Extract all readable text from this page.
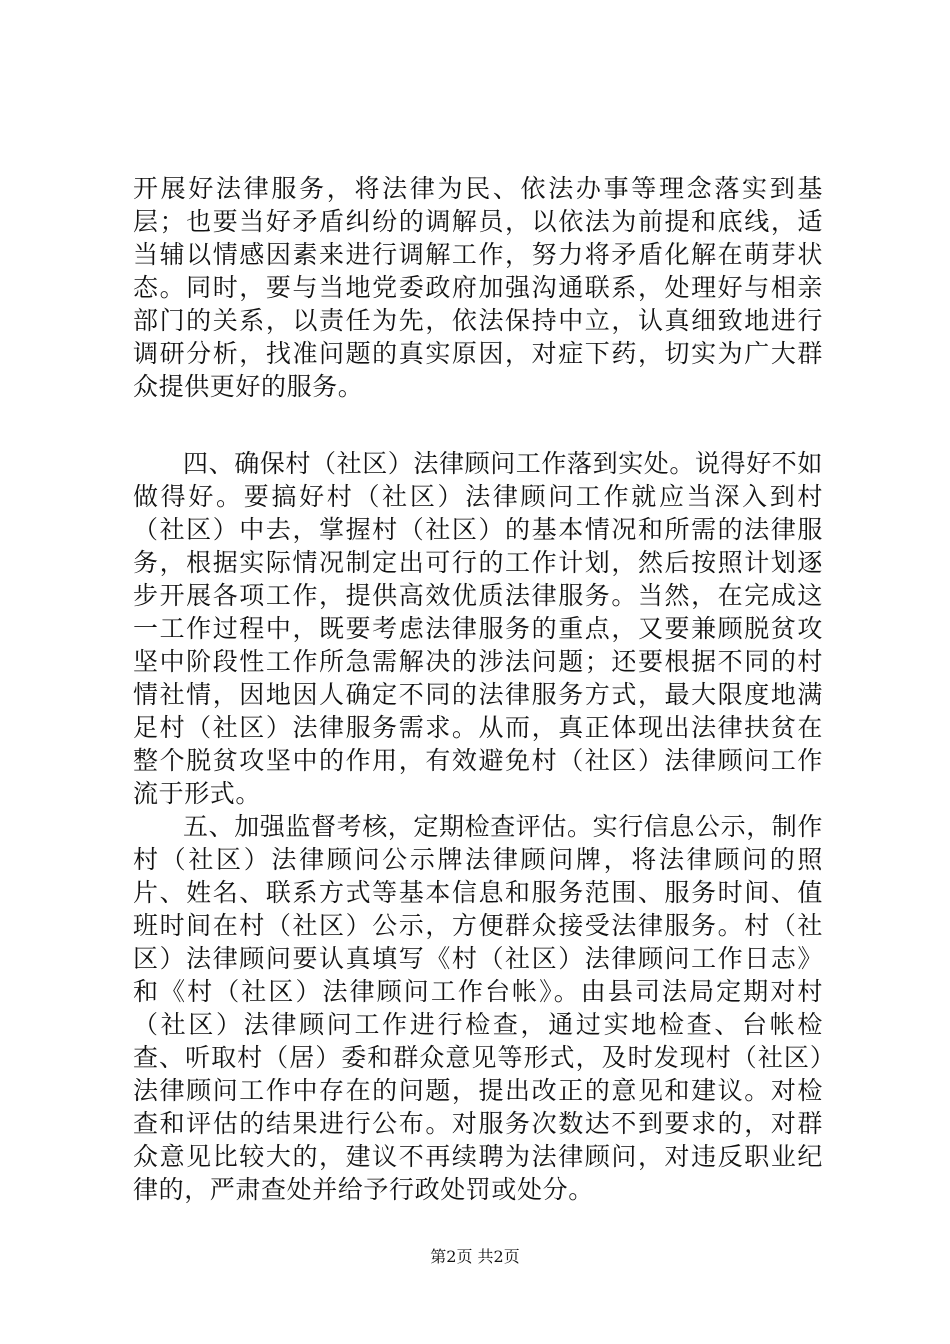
开展好法律服务，将法律为民、依法办事等理念落实到基层；也要当好矛盾纠纷的调解员，以依法为前提和底线，适当辅以情感因素来进行调解工作，努力将矛盾化解在萌芽状态。同时，要与当地党委政府加强沟通联系，处理好与相亲部门的关系，以责任为先，依法保持中立，认真细致地进行调研分析，找准问题的真实原因，对症下药，切实为广大群众提供更好的服务。

四、确保村（社区）法律顾问工作落到实处。说得好不如做得好。要搞好村（社区）法律顾问工作就应当深入到村（社区）中去，掌握村（社区）的基本情况和所需的法律服务，根据实际情况制定出可行的工作计划，然后按照计划逐步开展各项工作，提供高效优质法律服务。当然，在完成这一工作过程中，既要考虑法律服务的重点，又要兼顾脱贫攻坚中阶段性工作所急需解决的涉法问题；还要根据不同的村情社情，因地因人确定不同的法律服务方式，最大限度地满足村（社区）法律服务需求。从而，真正体现出法律扶贫在整个脱贫攻坚中的作用，有效避免村（社区）法律顾问工作流于形式。

五、加强监督考核，定期检查评估。实行信息公示，制作村（社区）法律顾问公示牌法律顾问牌，将法律顾问的照片、姓名、联系方式等基本信息和服务范围、服务时间、值班时间在村（社区）公示，方便群众接受法律服务。村（社区）法律顾问要认真填写《村（社区）法律顾问工作日志》和《村（社区）法律顾问工作台帐》。由县司法局定期对村（社区）法律顾问工作进行检查，通过实地检查、台帐检查、听取村（居）委和群众意见等形式，及时发现村（社区）法律顾问工作中存在的问题，提出改正的意见和建议。对检查和评估的结果进行公布。对服务次数达不到要求的，对群众意见比较大的，建议不再续聘为法律顾问，对违反职业纪律的，严肃查处并给予行政处罚或处分。

第2页 共2页
